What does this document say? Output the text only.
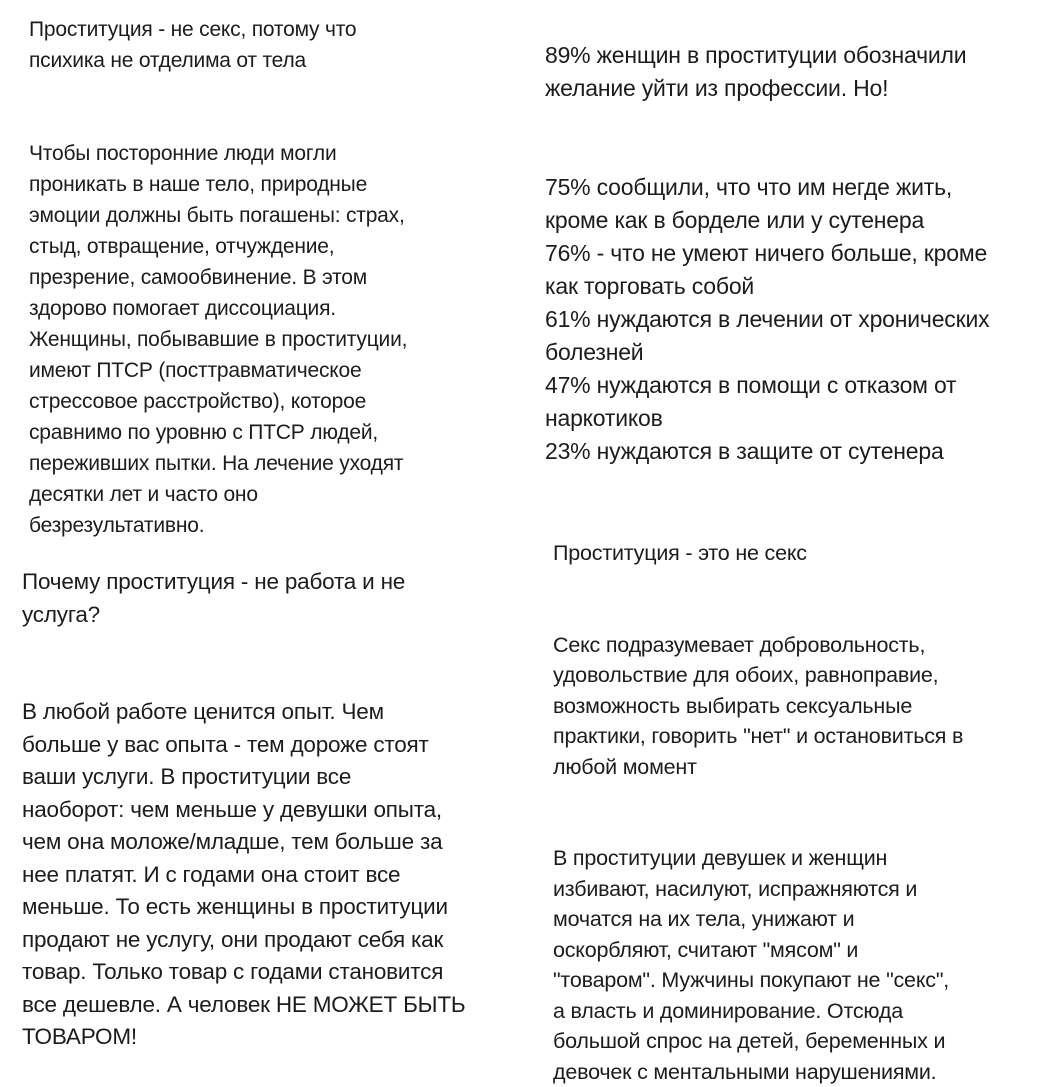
Проституция - не секс, потому что
психика не отделима от тела

Чтобы посторонние люди могли
проникать в наше тело, природные
эмоции должны быть погашены: страх,
стыд, отвращение, отчуждение,
презрение, самообвинение. В этом
здорово помогает диссоциация.
Женщины, побывавшие в проституции,
имеют ПТСР (посттравматическое
стрессовое расстройство), которое
сравнимо по уровню с ПТСР людей,
переживших пытки. На лечение уходят
десятки лет и часто оно
безрезультативно.
89% женщин в проституции обозначили
желание уйти из профессии. Но!

75% сообщили, что что им негде жить,
кроме как в борделе или у сутенера
76% - что не умеют ничего больше, кроме
как торговать собой
61% нуждаются в лечении от хронических
болезней
47% нуждаются в помощи с отказом от
наркотиков
23% нуждаются в защите от сутенера
Почему проституция - не работа и не
услуга?

В любой работе ценится опыт. Чем
больше у вас опыта - тем дороже стоят
ваши услуги. В проституции все
наоборот: чем меньше у девушки опыта,
чем она моложе/младше, тем больше за
нее платят. И с годами она стоит все
меньше. То есть женщины в проституции
продают не услугу, они продают себя как
товар. Только товар с годами становится
все дешевле. А человек НЕ МОЖЕТ БЫТЬ
ТОВАРОМ!
Проституция - это не секс

Секс подразумевает добровольность,
удовольствие для обоих, равноправие,
возможность выбирать сексуальные
практики, говорить "нет" и остановиться в
любой момент

В проституции девушек и женщин
избивают, насилуют, испражняются и
мочатся на их тела, унижают и
оскорбляют, считают "мясом" и
"товаром". Мужчины покупают не "секс",
а власть и доминирование. Отсюда
большой спрос на детей, беременных и
девочек с ментальными нарушениями.
